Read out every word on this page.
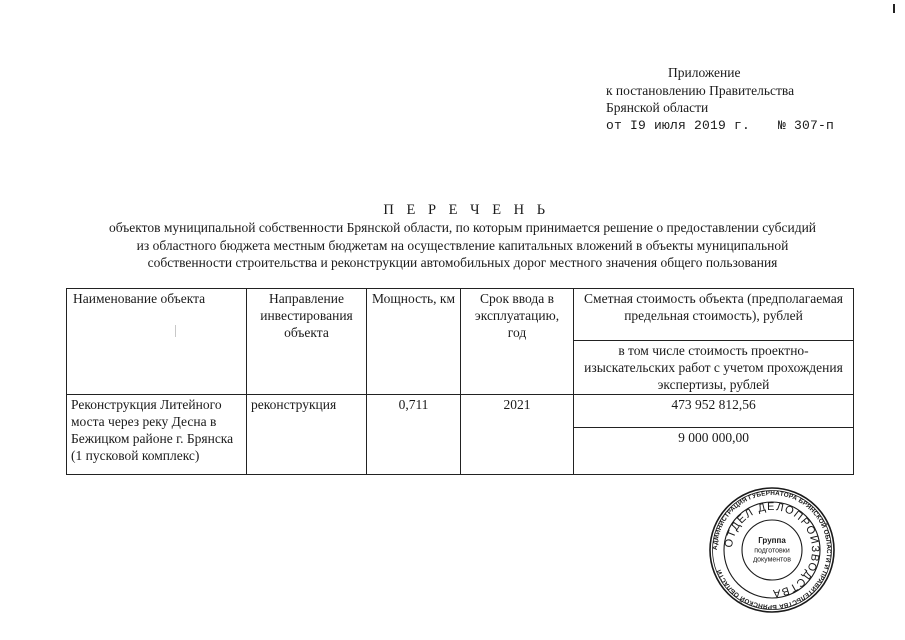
Приложение
к постановлению Правительства
Брянской области
от I9 июля 2019 г. № 307-п
П Е Р Е Ч Е Н Ь
объектов муниципальной собственности Брянской области, по которым принимается решение о предоставлении субсидий
из областного бюджета местным бюджетам на осуществление капитальных вложений в объекты муниципальной
собственности строительства и реконструкции автомобильных дорог местного значения общего пользования
Наименование объекта	Направление инвестирования объекта	Мощность, км	Срок ввода в эксплуатацию, год	Сметная стоимость объекта (предполагаемая предельная стоимость), рублей
				в том числе стоимость проектно-изыскательских работ с учетом прохождения экспертизы, рублей
Реконструкция Литейного моста через реку Десна в Бежицком районе г. Брянска (1 пусковой комплекс)	реконструкция	0,711	2021	473 952 812,56
				9 000 000,00
АДМИНИСТРАЦИЯ ГУБЕРНАТОРА БРЯНСКОЙ ОБЛАСТИ И ПРАВИТЕЛЬСТВА БРЯНСКОЙ ОБЛАСТИ
ОТДЕЛ ДЕЛОПРОИЗВОДСТВА
Группа
подготовки
документов
